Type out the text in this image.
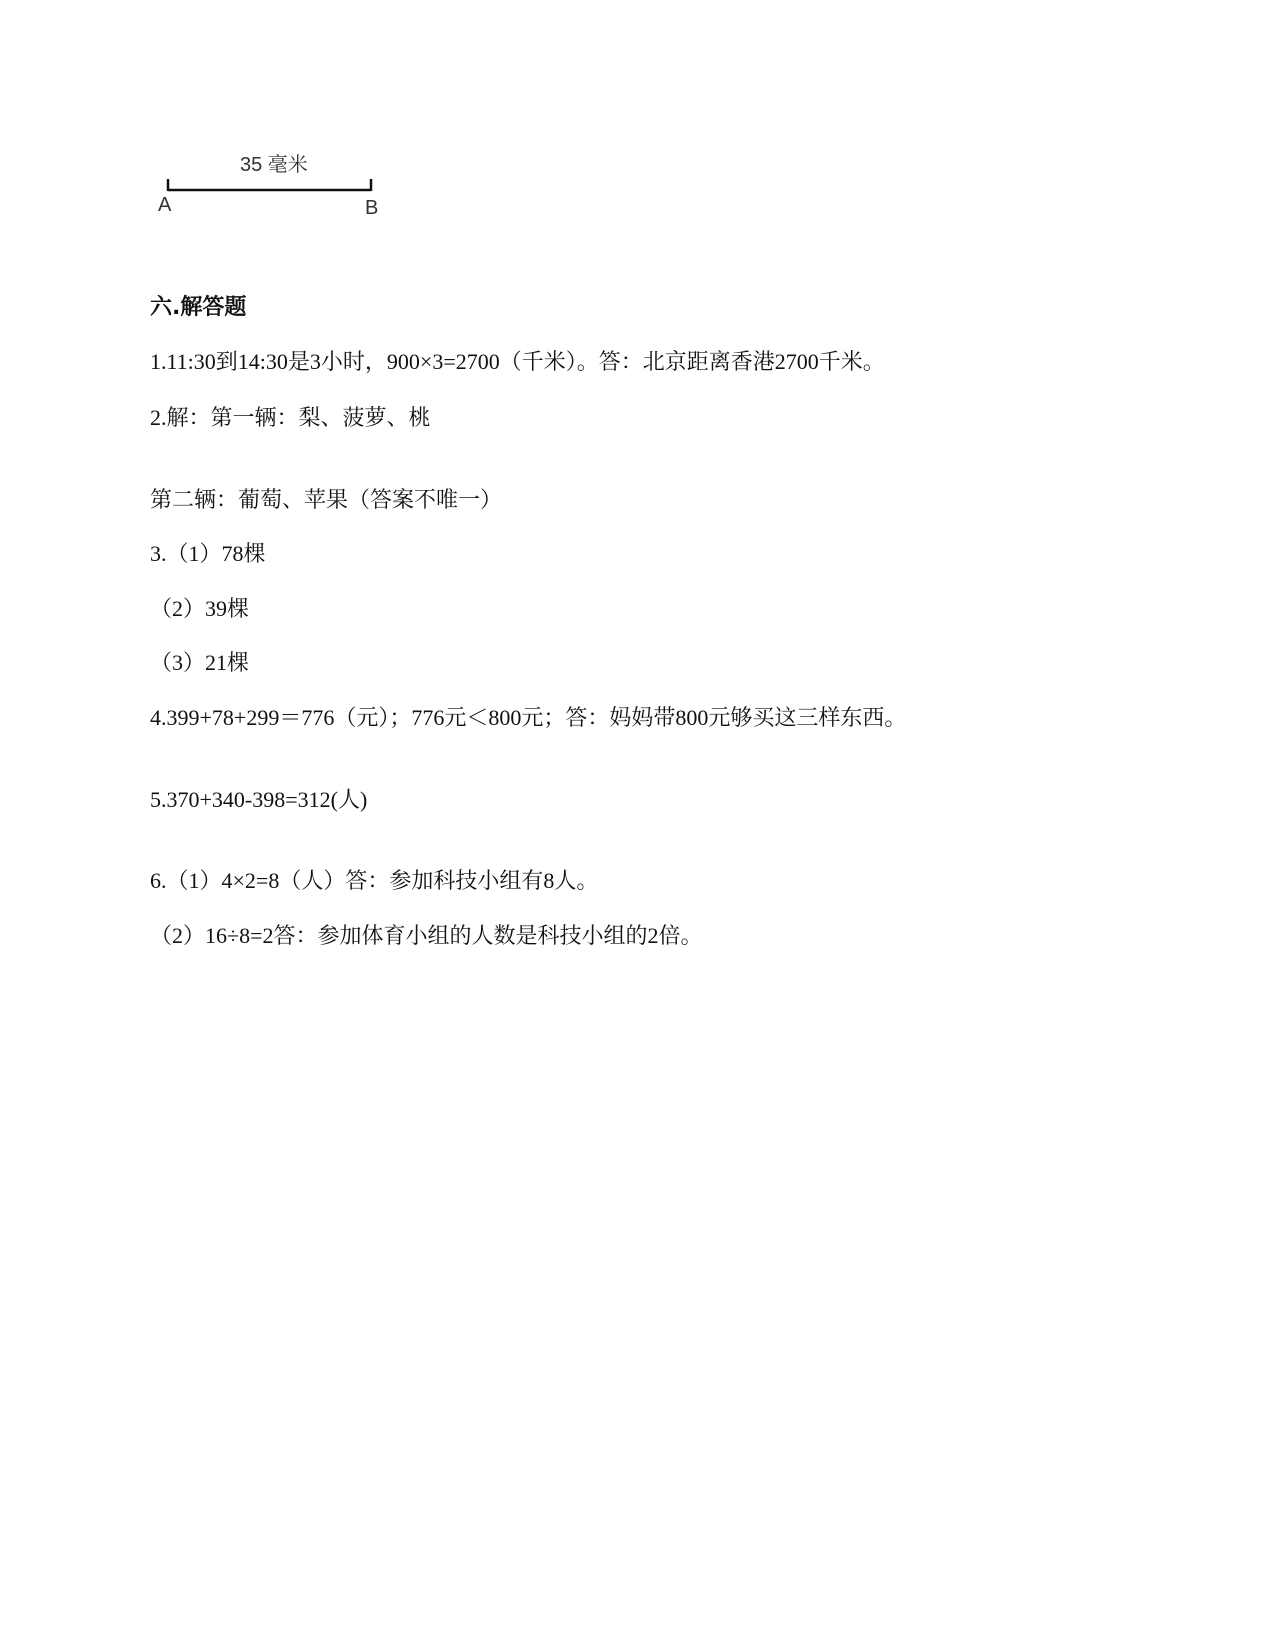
35 毫米
A	B
六.解答题

1.11:30到14:30是3小时，900×3=2700（千米）。答：北京距离香港2700千米。

2.解：第一辆：梨、菠萝、桃

第二辆：葡萄、苹果（答案不唯一）

3.（1）78棵

（2）39棵

（3）21棵

4.399+78+299＝776（元）；776元＜800元；答：妈妈带800元够买这三样东西。

5.370+340-398=312(人)

6.（1）4×2=8（人）答：参加科技小组有8人。

（2）16÷8=2答：参加体育小组的人数是科技小组的2倍。
